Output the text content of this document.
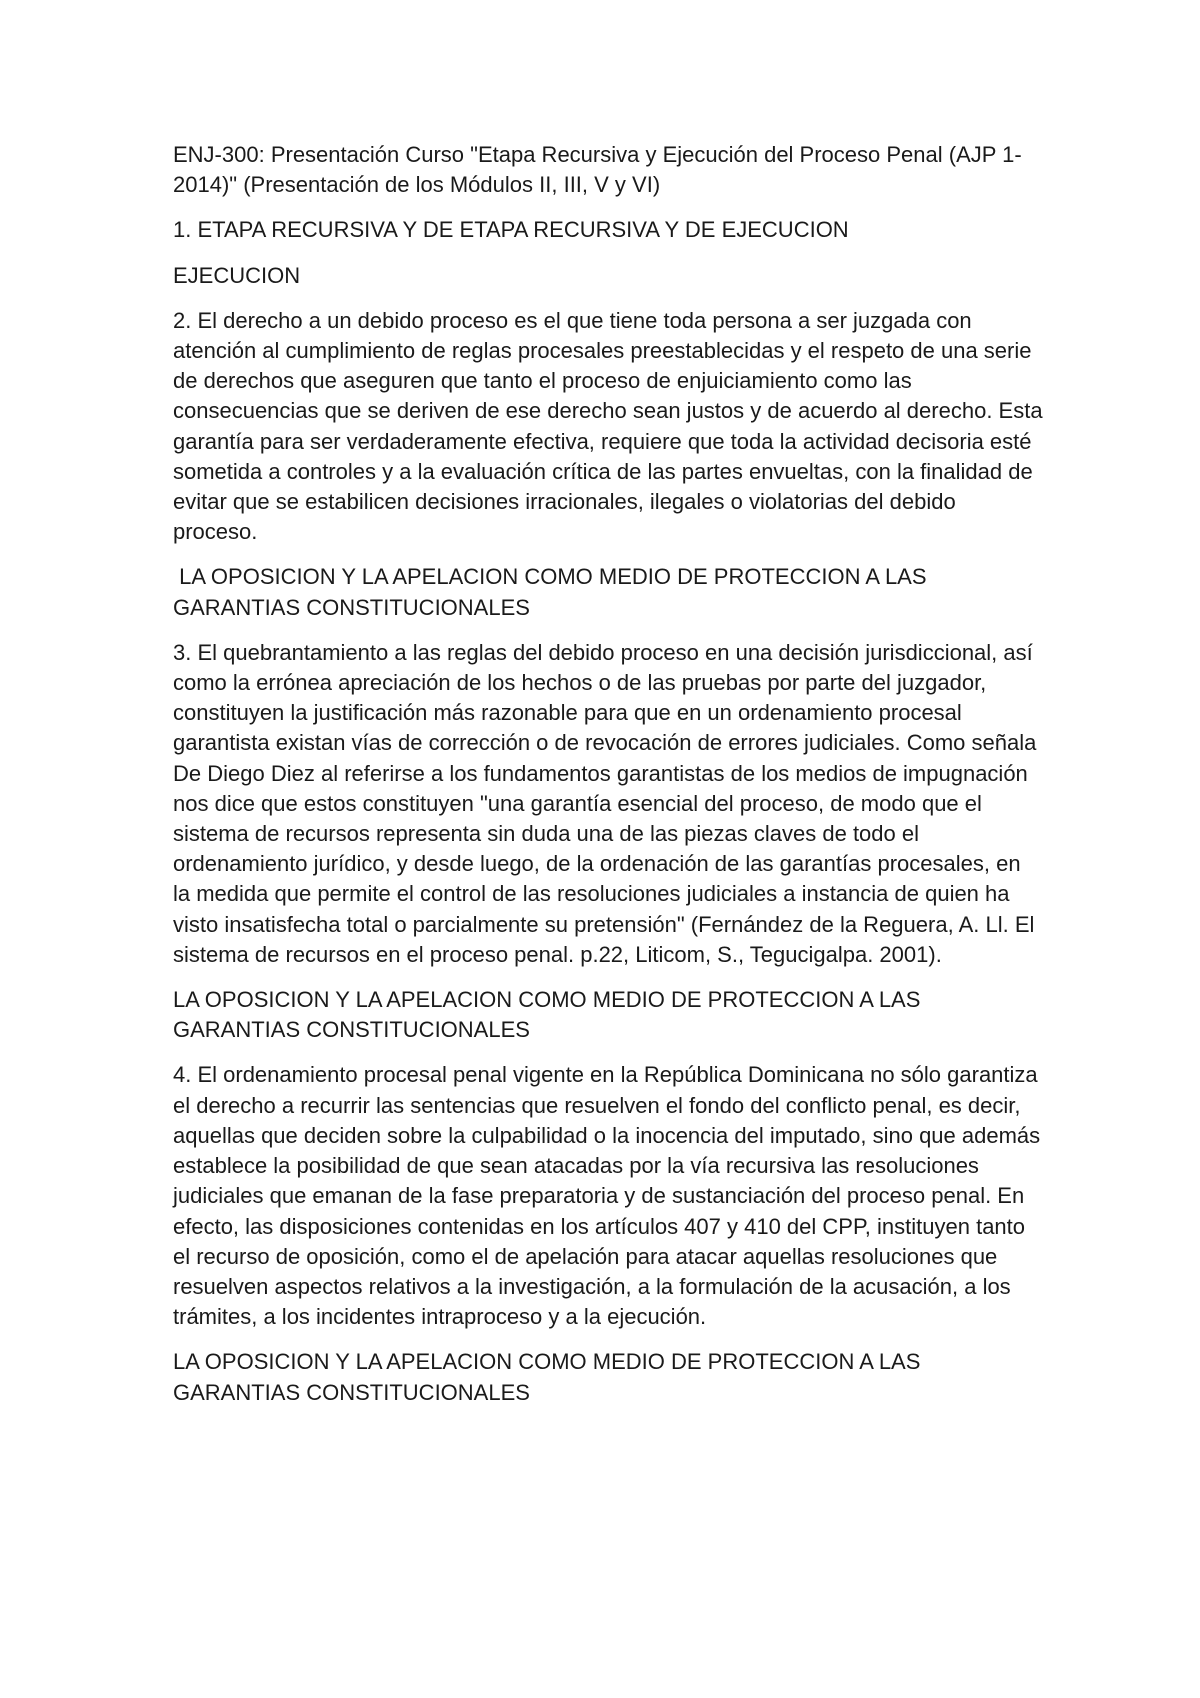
ENJ-300: Presentación Curso "Etapa Recursiva y Ejecución del Proceso Penal (AJP 1-2014)" (Presentación de los Módulos II, III, V y VI)

1. ETAPA RECURSIVA Y DE ETAPA RECURSIVA Y DE EJECUCION

EJECUCION

2. El derecho a un debido proceso es el que tiene toda persona a ser juzgada con atención al cumplimiento de reglas procesales preestablecidas y el respeto de una serie de derechos que aseguren que tanto el proceso de enjuiciamiento como las consecuencias que se deriven de ese derecho sean justos y de acuerdo al derecho. Esta garantía para ser verdaderamente efectiva, requiere que toda la actividad decisoria esté sometida a controles y a la evaluación crítica de las partes envueltas, con la finalidad de evitar que se estabilicen decisiones irracionales, ilegales o violatorias del debido proceso.

LA OPOSICION Y LA APELACION COMO MEDIO DE PROTECCION A LAS GARANTIAS CONSTITUCIONALES

3. El quebrantamiento a las reglas del debido proceso en una decisión jurisdiccional, así como la errónea apreciación de los hechos o de las pruebas por parte del juzgador, constituyen la justificación más razonable para que en un ordenamiento procesal garantista existan vías de corrección o de revocación de errores judiciales. Como señala De Diego Diez al referirse a los fundamentos garantistas de los medios de impugnación nos dice que estos constituyen "una garantía esencial del proceso, de modo que el sistema de recursos representa sin duda una de las piezas claves de todo el ordenamiento jurídico, y desde luego, de la ordenación de las garantías procesales, en la medida que permite el control de las resoluciones judiciales a instancia de quien ha visto insatisfecha total o parcialmente su pretensión" (Fernández de la Reguera, A. Ll. El sistema de recursos en el proceso penal. p.22, Liticom, S., Tegucigalpa. 2001).

LA OPOSICION Y LA APELACION COMO MEDIO DE PROTECCION A LAS GARANTIAS CONSTITUCIONALES

4. El ordenamiento procesal penal vigente en la República Dominicana no sólo garantiza el derecho a recurrir las sentencias que resuelven el fondo del conflicto penal, es decir, aquellas que deciden sobre la culpabilidad o la inocencia del imputado, sino que además establece la posibilidad de que sean atacadas por la vía recursiva las resoluciones judiciales que emanan de la fase preparatoria y de sustanciación del proceso penal. En efecto, las disposiciones contenidas en los artículos 407 y 410 del CPP, instituyen tanto el recurso de oposición, como el de apelación para atacar aquellas resoluciones que resuelven aspectos relativos a la investigación, a la formulación de la acusación, a los trámites, a los incidentes intraproceso y a la ejecución.

LA OPOSICION Y LA APELACION COMO MEDIO DE PROTECCION A LAS GARANTIAS CONSTITUCIONALES
